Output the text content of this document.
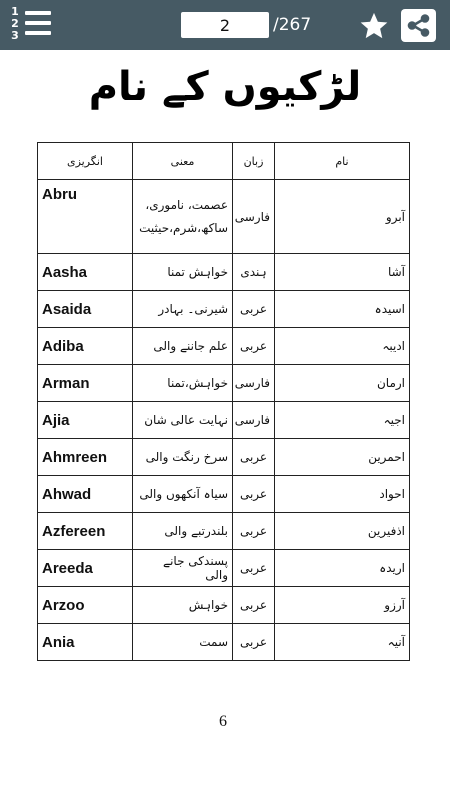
1
2
3
2
/267
لڑکیوں کے نام
انگریزی	معنی	زبان	نام
Abru	عصمت، ناموری، ساکھ،شرم،حیثیت	فارسی	آبرو
Aasha	خواہش تمنا	ہندی	آشا
Asaida	شیرنی۔ بہادر	عربی	اسیدہ
Adiba	علم جاننے والی	عربی	ادیبہ
Arman	خواہش،تمنا	فارسی	ارمان
Ajia	نہایت عالی شان	فارسی	اجیہ
Ahmreen	سرخ رنگت والی	عربی	احمرین
Ahwad	سیاہ آنکھوں والی	عربی	احواد
Azfereen	بلندرتبے والی	عربی	اذفیرین
Areeda	پسندکی جانے والی	عربی	اریدہ
Arzoo	خواہش	عربی	آرزو
Ania	سمت	عربی	آنیہ
6
